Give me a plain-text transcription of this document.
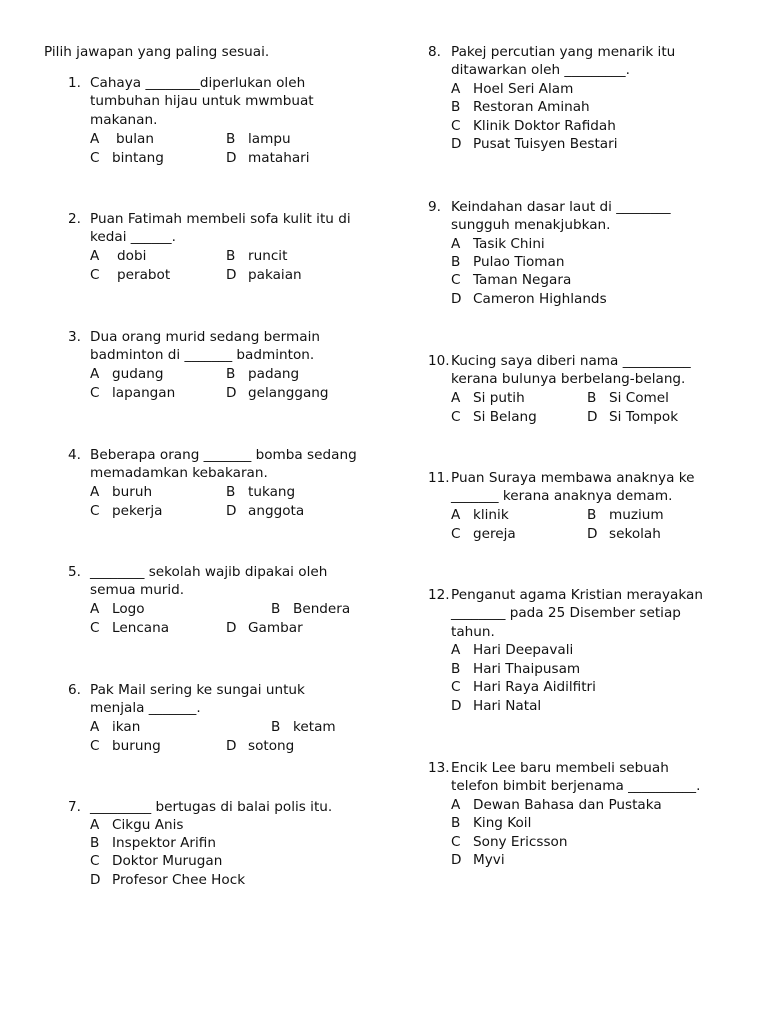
Pilih jawapan yang paling sesuai.
1. Cahaya ________diperlukan oleh
tumbuhan hijau untuk mwmbuat
makanan.
A bulan	B lampu
C bintang	D matahari
2. Puan Fatimah membeli sofa kulit itu di
kedai ______.
A dobi	B runcit
C perabot	D pakaian
3. Dua orang murid sedang bermain
badminton di _______ badminton.
A gudang	B padang
C lapangan	D gelanggang
4. Beberapa orang _______ bomba sedang
memadamkan kebakaran.
A buruh	B tukang
C pekerja	D anggota
5. ________ sekolah wajib dipakai oleh
semua murid.
A Logo	B Bendera
C Lencana	D Gambar
6. Pak Mail sering ke sungai untuk
menjala _______.
A ikan	B ketam
C burung	D sotong
7. _________ bertugas di balai polis itu.
A Cikgu Anis
B Inspektor Arifin
C Doktor Murugan
D Profesor Chee Hock
8. Pakej percutian yang menarik itu
ditawarkan oleh _________.
A Hoel Seri Alam
B Restoran Aminah
C Klinik Doktor Rafidah
D Pusat Tuisyen Bestari
9. Keindahan dasar laut di ________
sungguh menakjubkan.
A Tasik Chini
B Pulao Tioman
C Taman Negara
D Cameron Highlands
10. Kucing saya diberi nama __________
kerana bulunya berbelang-belang.
A Si putih	B Si Comel
C Si Belang	D Si Tompok
11. Puan Suraya membawa anaknya ke
_______ kerana anaknya demam.
A klinik	B muzium
C gereja	D sekolah
12. Penganut agama Kristian merayakan
________ pada 25 Disember setiap
tahun.
A Hari Deepavali
B Hari Thaipusam
C Hari Raya Aidilfitri
D Hari Natal
13. Encik Lee baru membeli sebuah
telefon bimbit berjenama __________.
A Dewan Bahasa dan Pustaka
B King Koil
C Sony Ericsson
D Myvi
